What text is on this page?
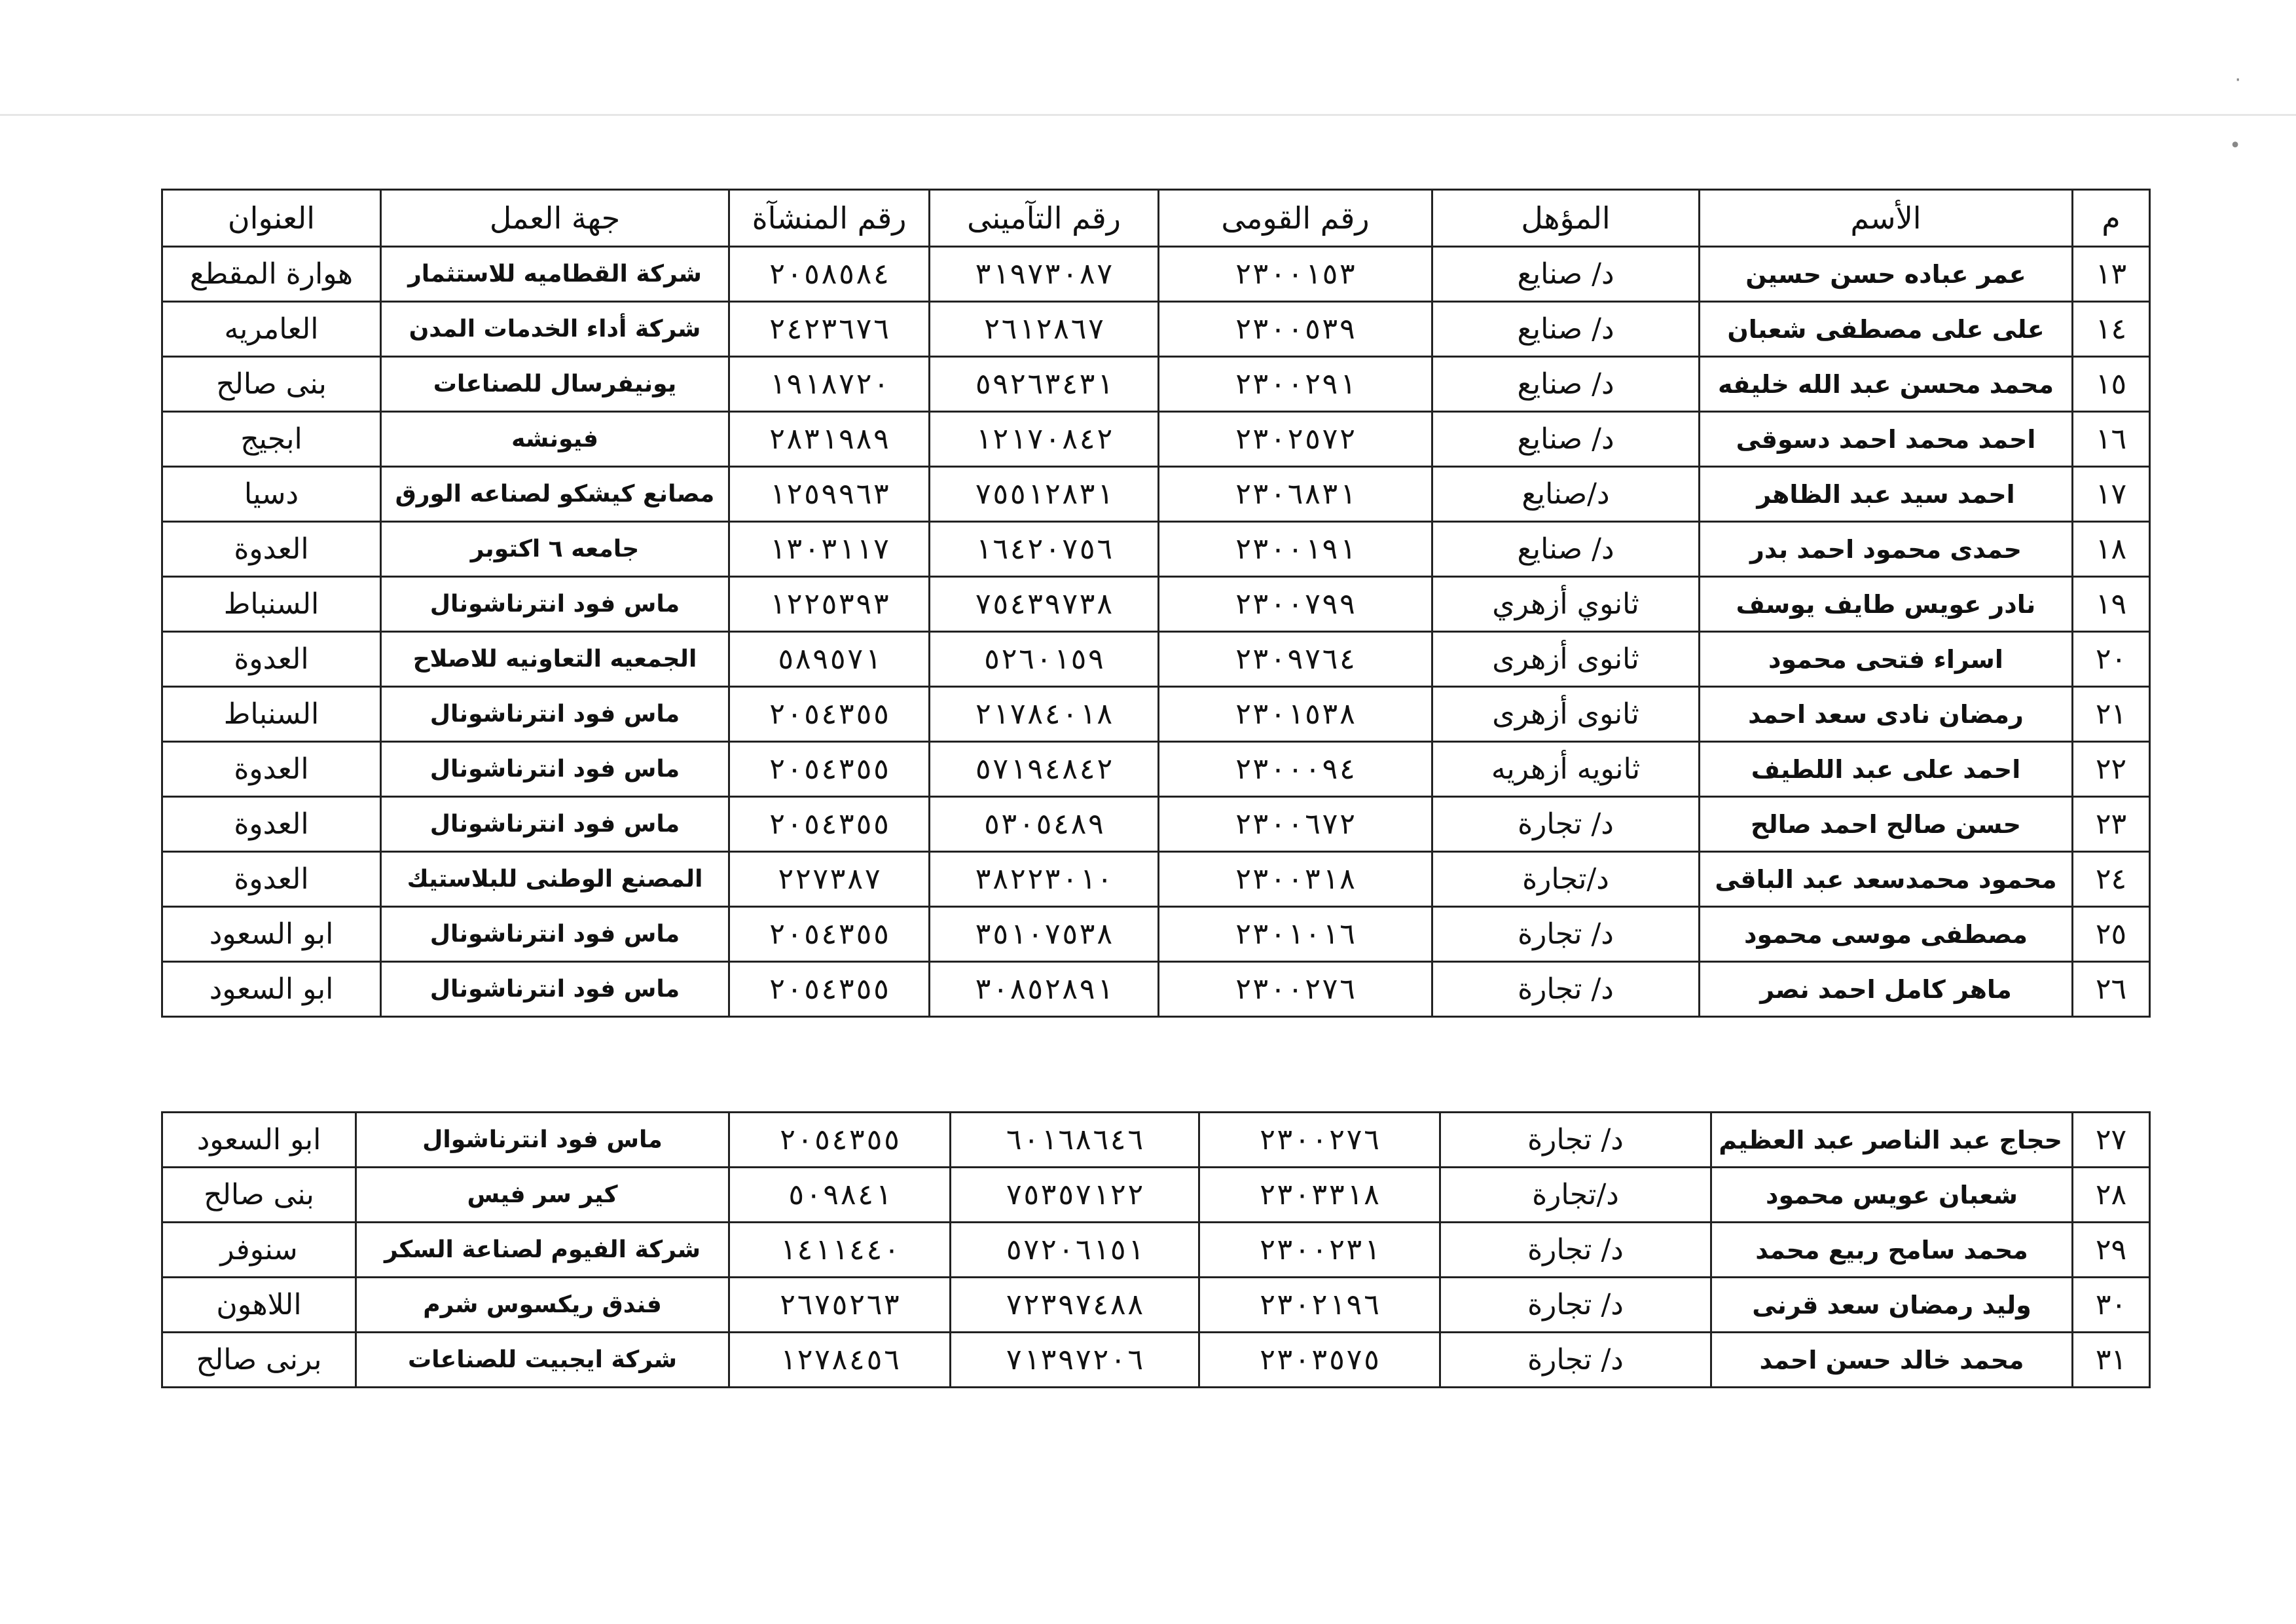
·
•
م	الأسم	المؤهل	رقم القومى	رقم التآمينى	رقم المنشآة	جهة العمل	العنوان
١٣	عمر عباده حسن حسين	د/ صنايع	٢٣٠٠١٥٣	٣١٩٧٣٠٨٧	٢٠٥٨٥٨٤	شركة القطاميه للاستثمار	هوارة المقطع
١٤	على على مصطفى شعبان	د/ صنايع	٢٣٠٠٥٣٩	٢٦١٢٨٦٧	٢٤٢٣٦٧٦	شركة أداء الخدمات المدن	العامريه
١٥	محمد محسن عبد الله خليفه	د/ صنايع	٢٣٠٠٢٩١	٥٩٢٦٣٤٣١	١٩١٨٧٢٠	يونيفرسال للصناعات	بنى صالح
١٦	احمد محمد احمد دسوقى	د/ صنايع	٢٣٠٢٥٧٢	١٢١٧٠٨٤٢	٢٨٣١٩٨٩	فيونشه	ابجيج
١٧	احمد سيد عبد الظاهر	د/صنايع	٢٣٠٦٨٣١	٧٥٥١٢٨٣١	١٢٥٩٩٦٣	مصانع كيشكو لصناعه الورق	دسيا
١٨	حمدى محمود احمد بدر	د/ صنايع	٢٣٠٠١٩١	١٦٤٢٠٧٥٦	١٣٠٣١١٧	جامعه ٦ اكتوبر	العدوة
١٩	نادر عويس طايف يوسف	ثانوي أزهري	٢٣٠٠٧٩٩	٧٥٤٣٩٧٣٨	١٢٢٥٣٩٣	ماس فود انترناشونال	السنباط
٢٠	اسراء فتحى محمود	ثانوى أزهرى	٢٣٠٩٧٦٤	٥٢٦٠١٥٩	٥٨٩٥٧١	الجمعيه التعاونيه للاصلاح	العدوة
٢١	رمضان نادى سعد احمد	ثانوى أزهرى	٢٣٠١٥٣٨	٢١٧٨٤٠١٨	٢٠٥٤٣٥٥	ماس فود انترناشونال	السنباط
٢٢	احمد على عبد اللطيف	ثانويه أزهريه	٢٣٠٠٠٩٤	٥٧١٩٤٨٤٢	٢٠٥٤٣٥٥	ماس فود انترناشونال	العدوة
٢٣	حسن صالح احمد صالح	د/ تجارة	٢٣٠٠٦٧٢	٥٣٠٥٤٨٩	٢٠٥٤٣٥٥	ماس فود انترناشونال	العدوة
٢٤	محمود محمدسعد عبد الباقى	د/تجارة	٢٣٠٠٣١٨	٣٨٢٢٣٠١٠	٢٢٧٣٨٧	المصنع الوطنى للبلاستيك	العدوة
٢٥	مصطفى موسى محمود	د/ تجارة	٢٣٠١٠١٦	٣٥١٠٧٥٣٨	٢٠٥٤٣٥٥	ماس فود انترناشونال	ابو السعود
٢٦	ماهر كامل احمد نصر	د/ تجارة	٢٣٠٠٢٧٦	٣٠٨٥٢٨٩١	٢٠٥٤٣٥٥	ماس فود انترناشونال	ابو السعود
٢٧	حجاج عبد الناصر عبد العظيم	د/ تجارة	٢٣٠٠٢٧٦	٦٠١٦٨٦٤٦	٢٠٥٤٣٥٥	ماس فود انترناشوال	ابو السعود
٢٨	شعبان عويس محمود	د/تجارة	٢٣٠٣٣١٨	٧٥٣٥٧١٢٢	٥٠٩٨٤١	كير سر فيس	بنى صالح
٢٩	محمد سامح ربيع محمد	د/ تجارة	٢٣٠٠٢٣١	٥٧٢٠٦١٥١	١٤١١٤٤٠	شركة الفيوم لصناعة السكر	سنوفر
٣٠	وليد رمضان سعد قرنى	د/ تجارة	٢٣٠٢١٩٦	٧٢٣٩٧٤٨٨	٢٦٧٥٢٦٣	فندق ريكسوس شرم	اللاهون
٣١	محمد خالد حسن احمد	د/ تجارة	٢٣٠٣٥٧٥	٧١٣٩٧٢٠٦	١٢٧٨٤٥٦	شركة ايجبيت للصناعات	برنى صالح
